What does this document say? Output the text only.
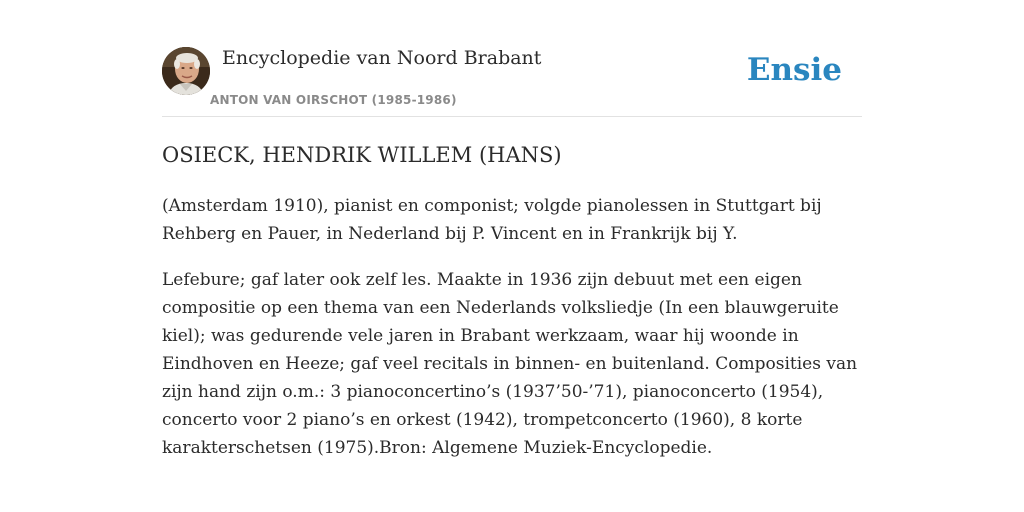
Encyclopedie van Noord Brabant
ANTON VAN OIRSCHOT (1985-1986)
Ensie
OSIECK, HENDRIK WILLEM (HANS)

(Amsterdam 1910), pianist en componist; volgde pianolessen in Stuttgart bij Rehberg en Pauer, in Nederland bij P. Vincent en in Frankrijk bij Y.

Lefebure; gaf later ook zelf les. Maakte in 1936 zijn debuut met een eigen compositie op een thema van een Nederlands volksliedje (In een blauwgeruite kiel); was gedurende vele jaren in Brabant werkzaam, waar hij woonde in Eindhoven en Heeze; gaf veel recitals in binnen- en buitenland. Composities van zijn hand zijn o.m.: 3 pianoconcertino’s (1937’50-’71), pianoconcerto (1954), concerto voor 2 piano’s en orkest (1942), trompetconcerto (1960), 8 korte karakterschetsen (1975).Bron: Algemene Muziek-Encyclopedie.
